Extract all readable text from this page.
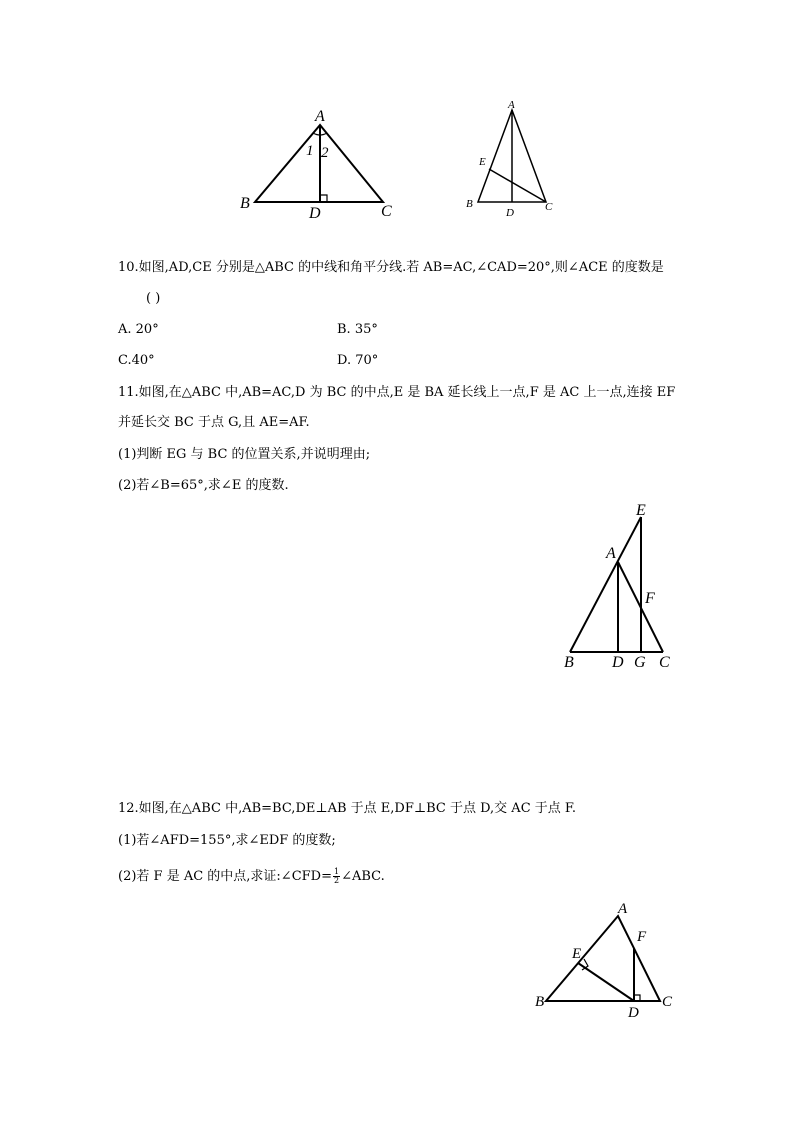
A
B	C
D
1 2
A
B	C
D
E
10.如图,AD,CE 分别是△ABC 的中线和角平分线.若 AB=AC,∠CAD=20°,则∠ACE 的度数是
( )
A. 20°	B. 35°
C.40°	D. 70°
11.如图,在△ABC 中,AB=AC,D 为 BC 的中点,E 是 BA 延长线上一点,F 是 AC 上一点,连接 EF
并延长交 BC 于点 G,且 AE=AF.
(1)判断 EG 与 BC 的位置关系,并说明理由;
(2)若∠B=65°,求∠E 的度数.
E
A
F
B D G C
12.如图,在△ABC 中,AB=BC,DE⊥AB 于点 E,DF⊥BC 于点 D,交 AC 于点 F.
(1)若∠AFD=155°,求∠EDF 的度数;
(2)若 F 是 AC 的中点,求证:∠CFD= $\frac{1}{2}$ ∠ABC.
A
F
E
B	C
D
